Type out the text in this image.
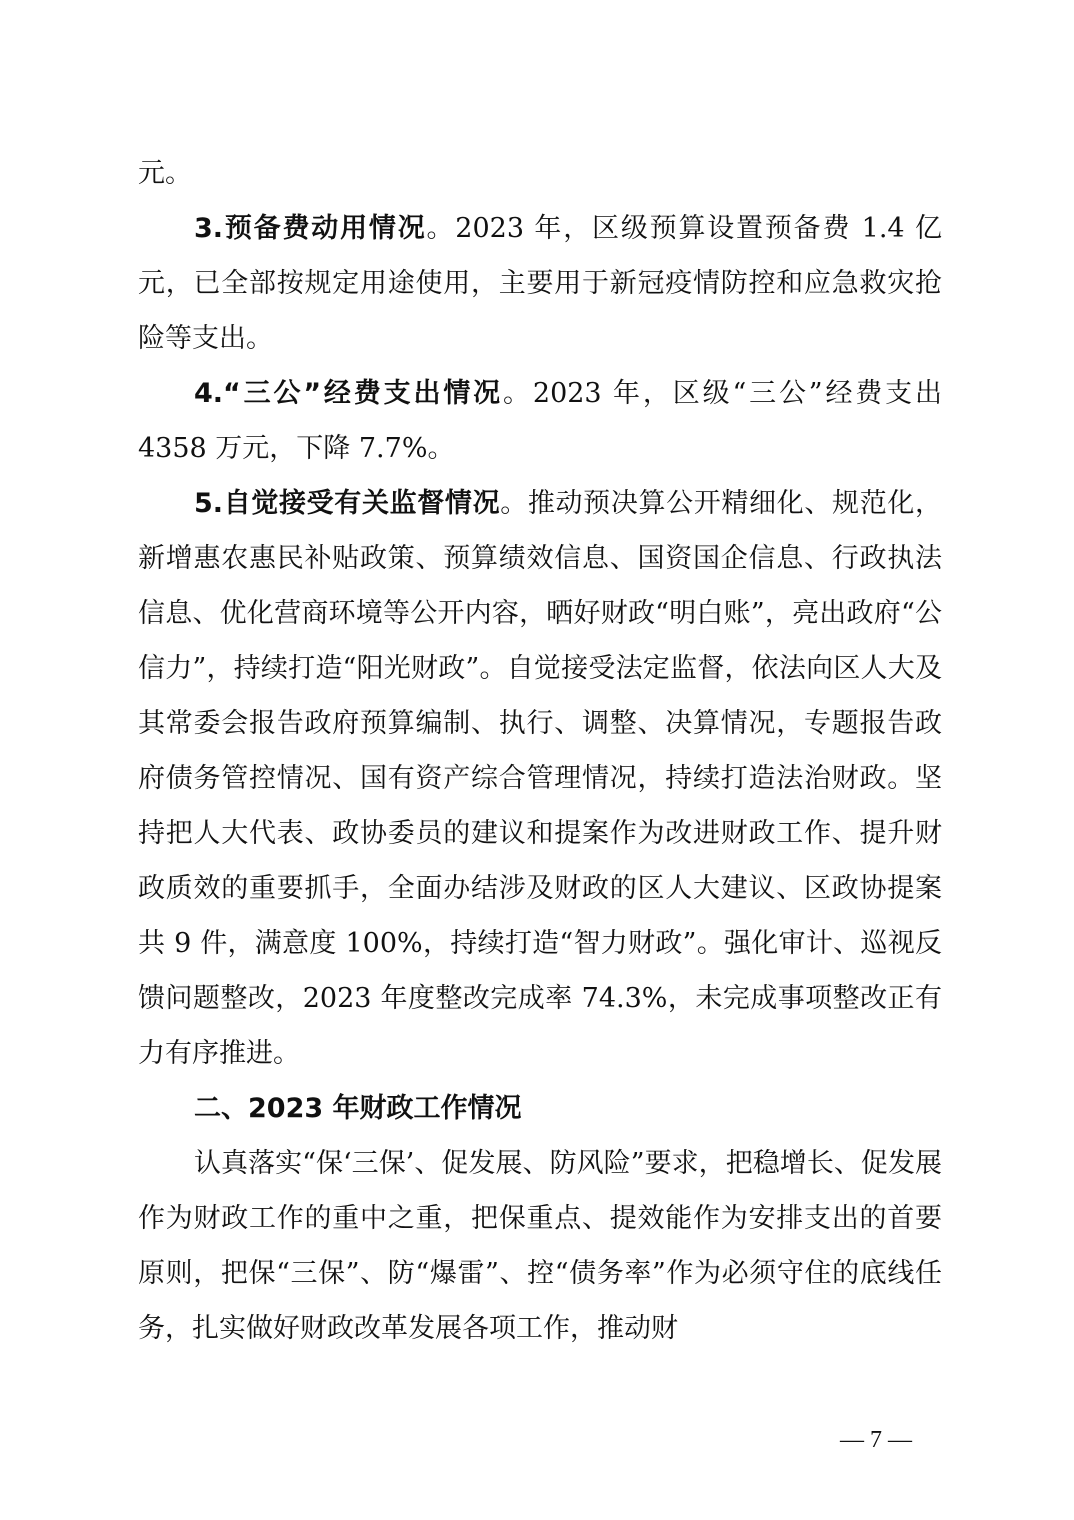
元。

3.预备费动用情况。2023 年，区级预算设置预备费 1.4 亿元，已全部按规定用途使用，主要用于新冠疫情防控和应急救灾抢险等支出。

4.“三公”经费支出情况。2023 年，区级“三公”经费支出 4358 万元，下降 7.7%。

5.自觉接受有关监督情况。推动预决算公开精细化、规范化，新增惠农惠民补贴政策、预算绩效信息、国资国企信息、行政执法信息、优化营商环境等公开内容，晒好财政“明白账”，亮出政府“公信力”，持续打造“阳光财政”。自觉接受法定监督，依法向区人大及其常委会报告政府预算编制、执行、调整、决算情况，专题报告政府债务管控情况、国有资产综合管理情况，持续打造法治财政。坚持把人大代表、政协委员的建议和提案作为改进财政工作、提升财政质效的重要抓手，全面办结涉及财政的区人大建议、区政协提案共 9 件，满意度 100%，持续打造“智力财政”。强化审计、巡视反馈问题整改，2023 年度整改完成率 74.3%，未完成事项整改正有力有序推进。

二、2023 年财政工作情况

认真落实“保‘三保’、促发展、防风险”要求，把稳增长、促发展作为财政工作的重中之重，把保重点、提效能作为安排支出的首要原则，把保“三保”、防“爆雷”、控“债务率”作为必须守住的底线任务，扎实做好财政改革发展各项工作，推动财

— 7 —
